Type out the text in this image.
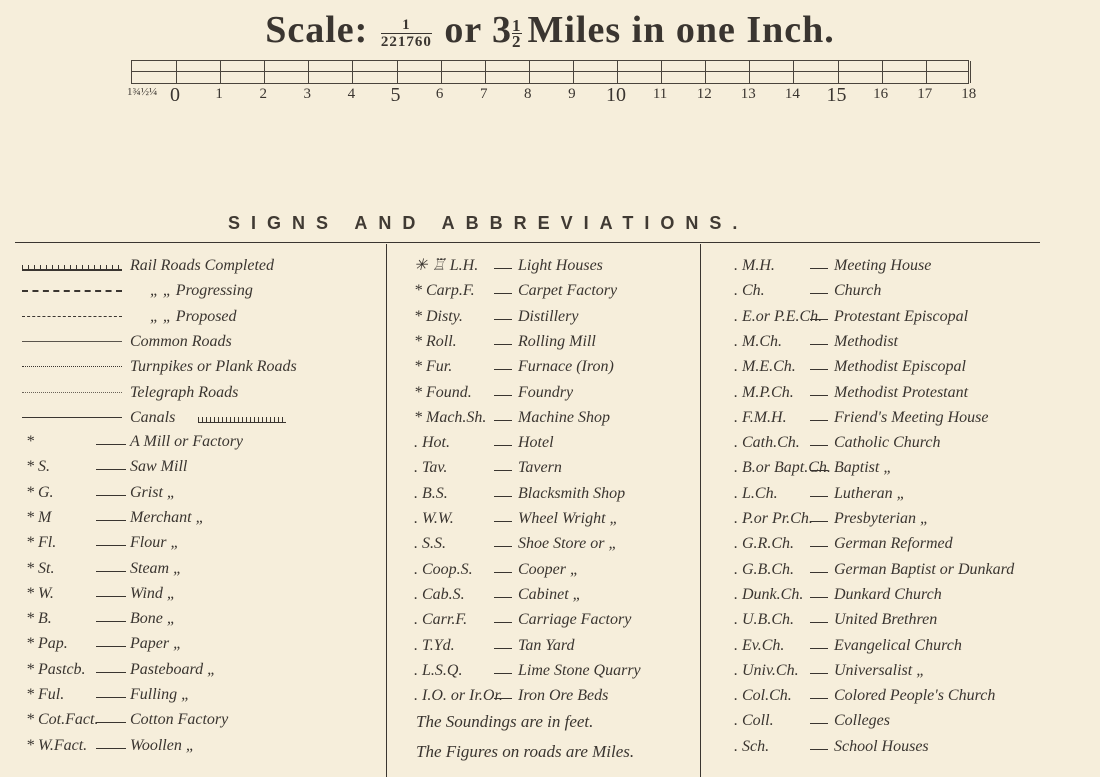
Scale: $\frac{1}{221760}$ or $3\frac{1}{2}$ Miles in one Inch.
1¾½¼ 0 1 2 3 4 5 6 7 8 9 10 11 12 13 14 15 16 17 18
SIGNS AND ABBREVIATIONS.
Rail Roads Completed
„ „ Progressing
„ „ Proposed
Common Roads
Turnpikes or Plank Roads
Telegraph Roads
Canals
*	A Mill or Factory
* S.	Saw Mill
* G.	Grist „
* M	Merchant „
* Fl.	Flour „
* St.	Steam „
* W.	Wind „
* B.	Bone „
* Pap.	Paper „
* Pastcb.	Pasteboard „
* Ful.	Fulling „
* Cot.Fact. Cotton Factory
* W.Fact.	Woollen „
✳ ♖ L.H. Light Houses
* Carp.F.	Carpet Factory
* Disty.	Distillery
* Roll.	Rolling Mill
* Fur.	Furnace (Iron)
* Found.	Foundry
* Mach.Sh. Machine Shop
. Hot.	Hotel
. Tav.	Tavern
. B.S.	Blacksmith Shop
. W.W.	Wheel Wright „
. S.S.	Shoe Store or „
. Coop.S.	Cooper „
. Cab.S.	Cabinet „
. Carr.F.	Carriage Factory
. T.Yd.	Tan Yard
. L.S.Q.	Lime Stone Quarry
. I.O. or Ir.Or. Iron Ore Beds
The Soundings are in feet.
The Figures on roads are Miles.
. M.H.	Meeting House
. Ch.	Church
. E.or P.E.Ch. Protestant Episcopal
. M.Ch.	Methodist
. M.E.Ch. Methodist Episcopal
. M.P.Ch.	Methodist Protestant
. F.M.H.	Friend's Meeting House
. Cath.Ch. Catholic Church
. B.or Bapt.Ch. Baptist „
. L.Ch.	Lutheran „
. P.or Pr.Ch. Presbyterian „
. G.R.Ch.	German Reformed
. G.B.Ch.	German Baptist or Dunkard
. Dunk.Ch. Dunkard Church
. U.B.Ch.	United Brethren
. Ev.Ch.	Evangelical Church
. Univ.Ch. Universalist „
. Col.Ch.	Colored People's Church
. Coll.	Colleges
. Sch.	School Houses
